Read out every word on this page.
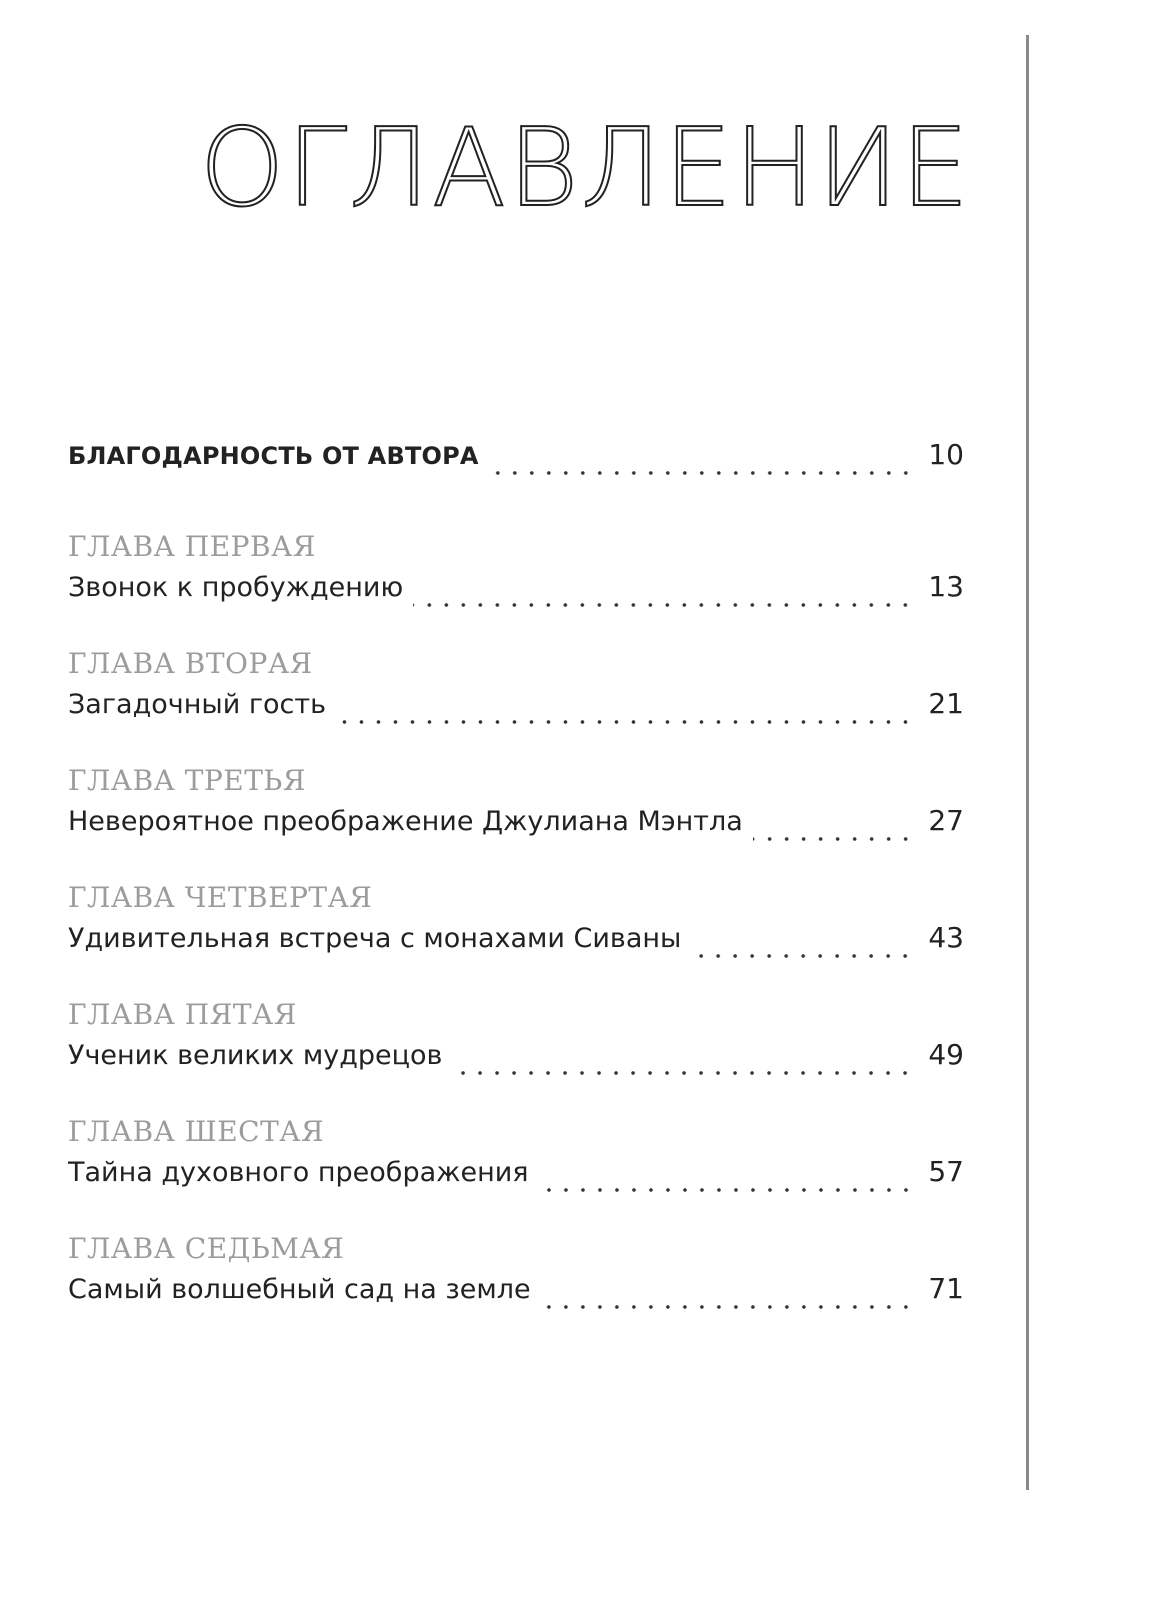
ОГЛАВЛЕНИЕ
БЛАГОДАРНОСТЬ ОТ АВТОРА	10
ГЛАВА ПЕРВАЯ
Звонок к пробуждению	13
ГЛАВА ВТОРАЯ
Загадочный гость	21
ГЛАВА ТРЕТЬЯ
Невероятное преображение Джулиана Мэнтла	27
ГЛАВА ЧЕТВЕРТАЯ
Удивительная встреча с монахами Сиваны	43
ГЛАВА ПЯТАЯ
Ученик великих мудрецов	49
ГЛАВА ШЕСТАЯ
Тайна духовного преображения	57
ГЛАВА СЕДЬМАЯ
Самый волшебный сад на земле	71
